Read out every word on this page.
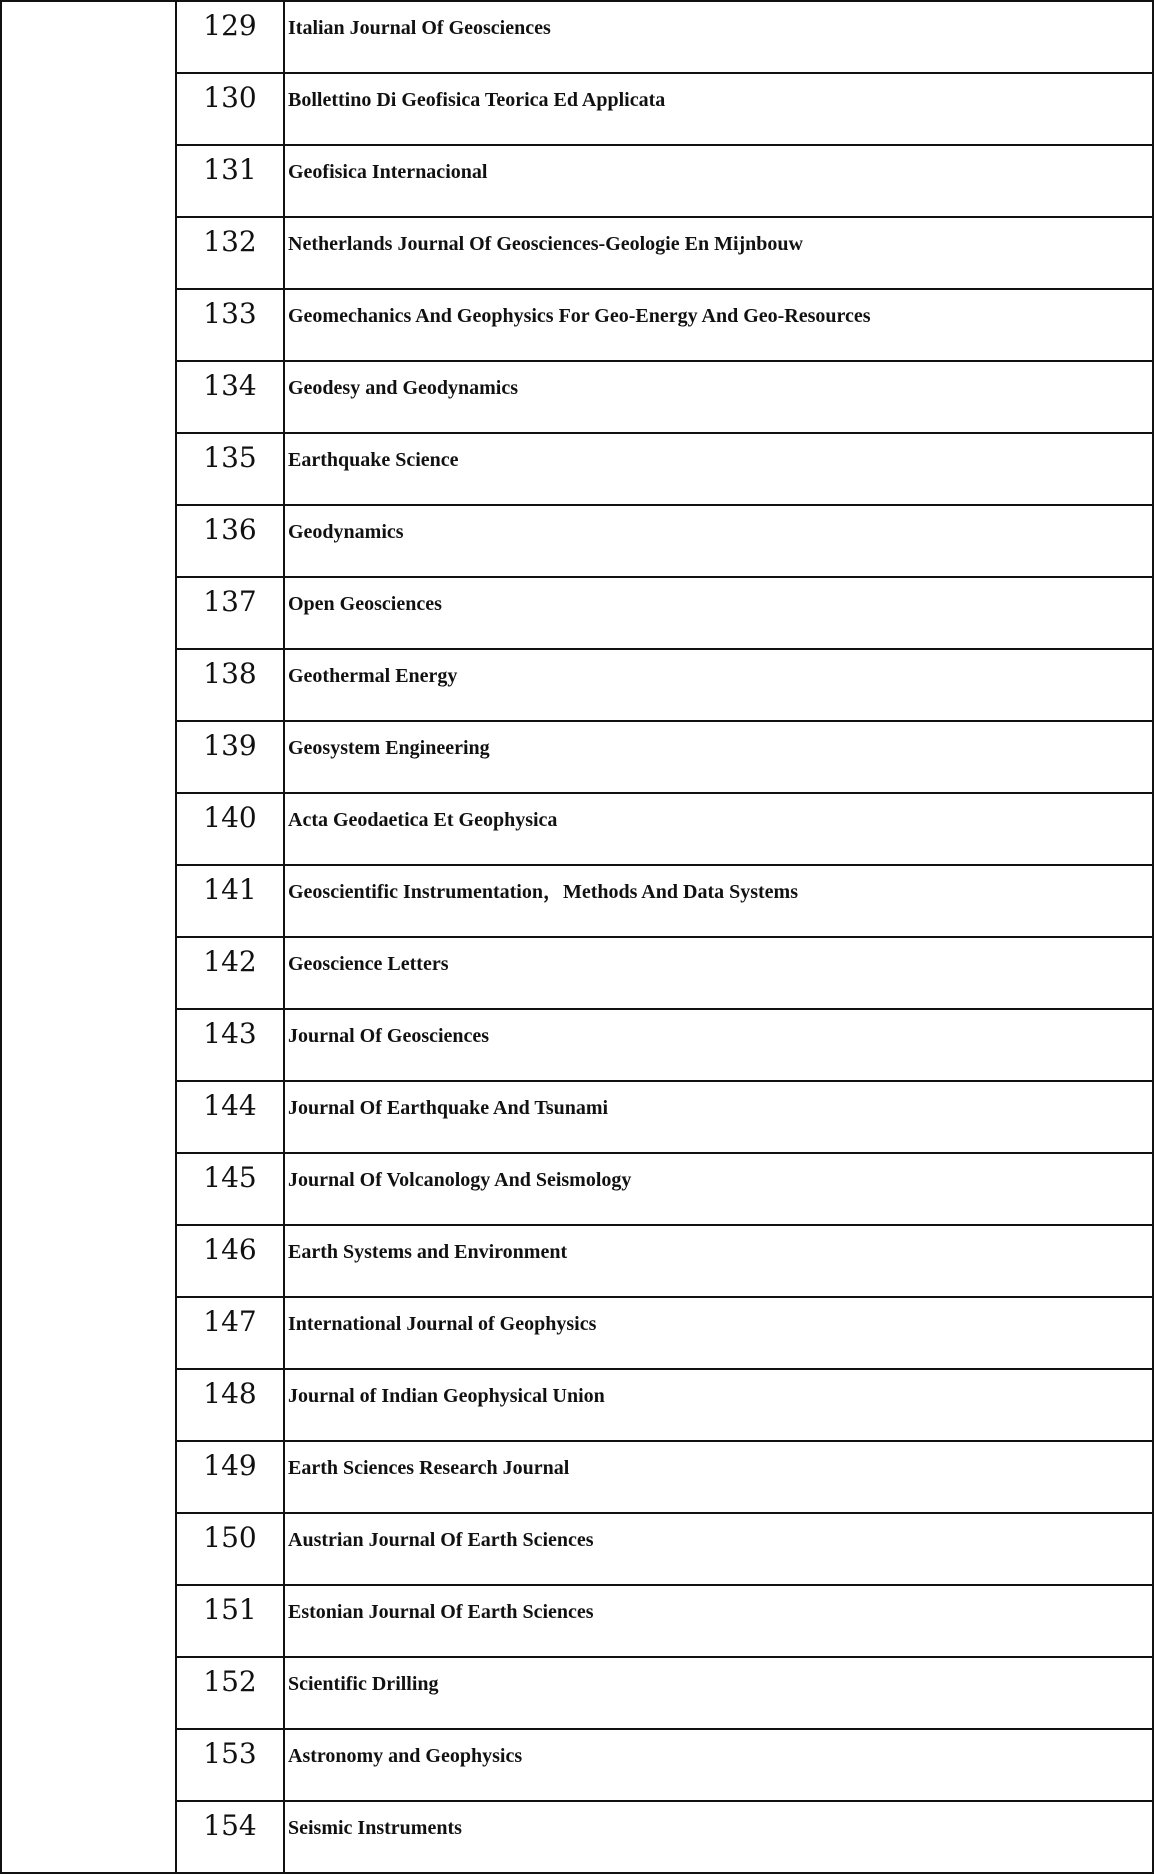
	129	Italian Journal Of Geosciences
	130	Bollettino Di Geofisica Teorica Ed Applicata
	131	Geofisica Internacional
	132	Netherlands Journal Of Geosciences-Geologie En Mijnbouw
	133	Geomechanics And Geophysics For Geo-Energy And Geo-Resources
	134	Geodesy and Geodynamics
	135	Earthquake Science
	136	Geodynamics
	137	Open Geosciences
	138	Geothermal Energy
	139	Geosystem Engineering
	140	Acta Geodaetica Et Geophysica
	141	Geoscientific Instrumentation，Methods And Data Systems
	142	Geoscience Letters
	143	Journal Of Geosciences
	144	Journal Of Earthquake And Tsunami
	145	Journal Of Volcanology And Seismology
	146	Earth Systems and Environment
	147	International Journal of Geophysics
	148	Journal of Indian Geophysical Union
	149	Earth Sciences Research Journal
	150	Austrian Journal Of Earth Sciences
	151	Estonian Journal Of Earth Sciences
	152	Scientific Drilling
	153	Astronomy and Geophysics
	154	Seismic Instruments
